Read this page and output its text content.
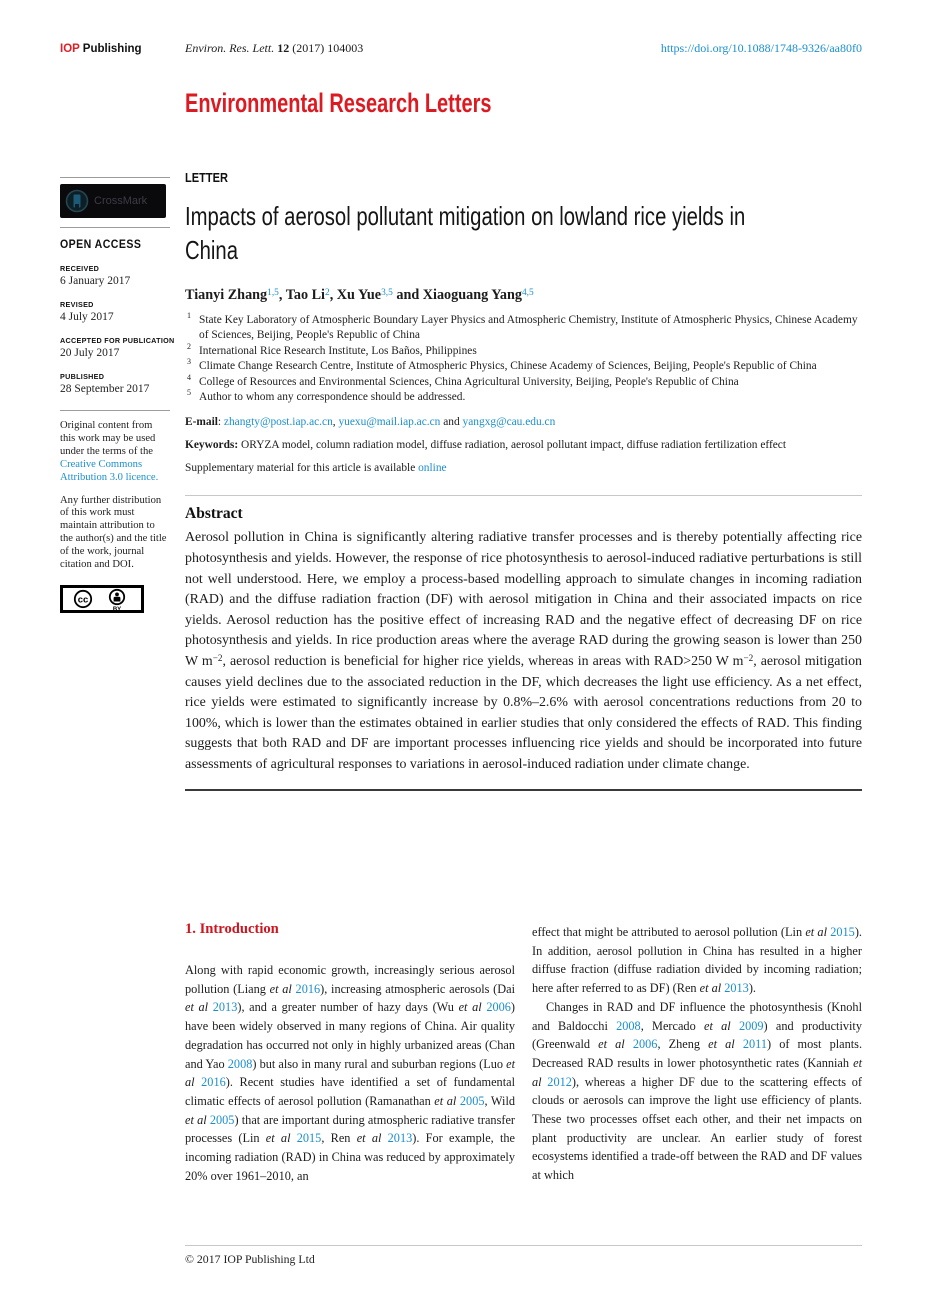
IOP Publishing	Environ. Res. Lett. 12 (2017) 104003	https://doi.org/10.1088/1748-9326/aa80f0
Environmental Research Letters
CrossMark
OPEN ACCESS
RECEIVED
6 January 2017
REVISED
4 July 2017
ACCEPTED FOR PUBLICATION
20 July 2017
PUBLISHED
28 September 2017
Original content from this work may be used under the terms of the Creative Commons Attribution 3.0 licence.
Any further distribution of this work must maintain attribution to the author(s) and the title of the work, journal citation and DOI.
cc
BY
LETTER
Impacts of aerosol pollutant mitigation on lowland rice yields in
China
Tianyi Zhang$^{1,5}$, Tao Li$^2$, Xu Yue$^{3,5}$ and Xiaoguang Yang$^{4,5}$
1 State Key Laboratory of Atmospheric Boundary Layer Physics and Atmospheric Chemistry, Institute of Atmospheric Physics, Chinese Academy of Sciences, Beijing, People's Republic of China
2 International Rice Research Institute, Los Baños, Philippines
3 Climate Change Research Centre, Institute of Atmospheric Physics, Chinese Academy of Sciences, Beijing, People's Republic of China
4 College of Resources and Environmental Sciences, China Agricultural University, Beijing, People's Republic of China
5 Author to whom any correspondence should be addressed.
E-mail: zhangty@post.iap.ac.cn, yuexu@mail.iap.ac.cn and yangxg@cau.edu.cn
Keywords: ORYZA model, column radiation model, diffuse radiation, aerosol pollutant impact, diffuse radiation fertilization effect
Supplementary material for this article is available online
Abstract
Aerosol pollution in China is significantly altering radiative transfer processes and is thereby potentially affecting rice photosynthesis and yields. However, the response of rice photosynthesis to aerosol-induced radiative perturbations is still not well understood. Here, we employ a process-based modelling approach to simulate changes in incoming radiation (RAD) and the diffuse radiation fraction (DF) with aerosol mitigation in China and their associated impacts on rice yields. Aerosol reduction has the positive effect of increasing RAD and the negative effect of decreasing DF on rice photosynthesis and yields. In rice production areas where the average RAD during the growing season is lower than 250 W $m^{-2}$, aerosol reduction is beneficial for higher rice yields, whereas in areas with RAD>250 W $m^{-2}$, aerosol mitigation causes yield declines due to the associated reduction in the DF, which decreases the light use efficiency. As a net effect, rice yields were estimated to significantly increase by 0.8%–2.6% with aerosol concentrations reductions from 20 to 100%, which is lower than the estimates obtained in earlier studies that only considered the effects of RAD. This finding suggests that both RAD and DF are important processes influencing rice yields and should be incorporated into future assessments of agricultural responses to variations in aerosol-induced radiation under climate change.
1. Introduction

Along with rapid economic growth, increasingly serious aerosol pollution (Liang et al 2016), increasing atmospheric aerosols (Dai et al 2013), and a greater number of hazy days (Wu et al 2006) have been widely observed in many regions of China. Air quality degradation has occurred not only in highly urbanized areas (Chan and Yao 2008) but also in many rural and suburban regions (Luo et al 2016). Recent studies have identified a set of fundamental climatic effects of aerosol pollution (Ramanathan et al 2005, Wild et al 2005) that are important during atmospheric radiative transfer processes (Lin et al 2015, Ren et al 2013). For example, the incoming radiation (RAD) in China was reduced by approximately 20% over 1961–2010, an

effect that might be attributed to aerosol pollution (Lin et al 2015). In addition, aerosol pollution in China has resulted in a higher diffuse fraction (diffuse radiation divided by incoming radiation; here after referred to as DF) (Ren et al 2013).

Changes in RAD and DF influence the photosynthesis (Knohl and Baldocchi 2008, Mercado et al 2009) and productivity (Greenwald et al 2006, Zheng et al 2011) of most plants. Decreased RAD results in lower photosynthetic rates (Kanniah et al 2012), whereas a higher DF due to the scattering effects of clouds or aerosols can improve the light use efficiency of plants. These two processes offset each other, and their net impacts on plant productivity are unclear. An earlier study of forest ecosystems identified a trade-off between the RAD and DF values at which

© 2017 IOP Publishing Ltd
